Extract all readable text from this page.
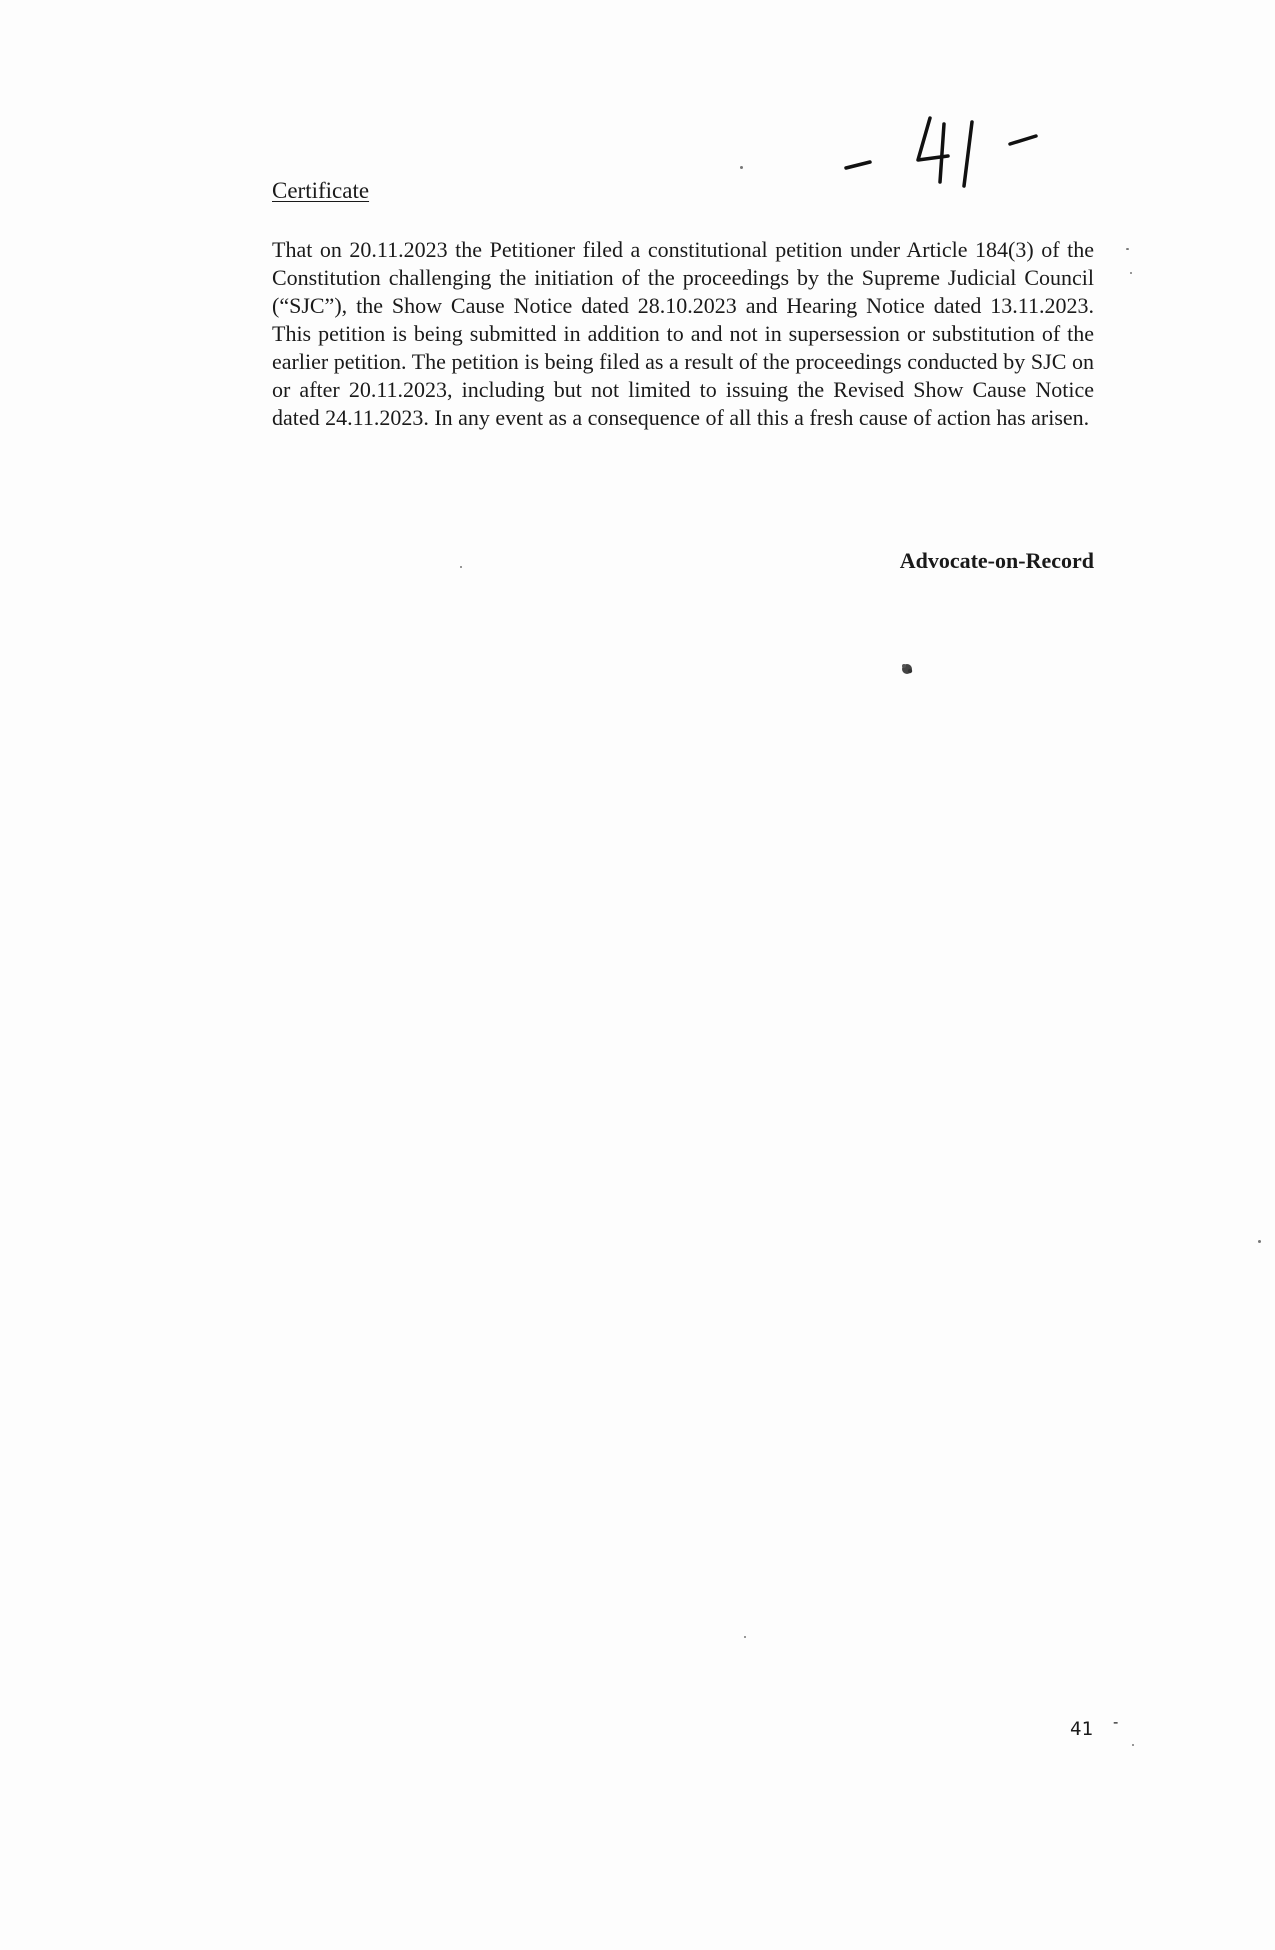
Certificate

That on 20.11.2023 the Petitioner filed a constitutional petition under Article 184(3) of the Constitution challenging the initiation of the proceedings by the Supreme Judicial Council (“SJC”), the Show Cause Notice dated 28.10.2023 and Hearing Notice dated 13.11.2023. This petition is being submitted in addition to and not in supersession or substitution of the earlier petition. The petition is being filed as a result of the proceedings conducted by SJC on or after 20.11.2023, including but not limited to issuing the Revised Show Cause Notice dated 24.11.2023. In any event as a consequence of all this a fresh cause of action has arisen.

Advocate-on-Record
41 -
